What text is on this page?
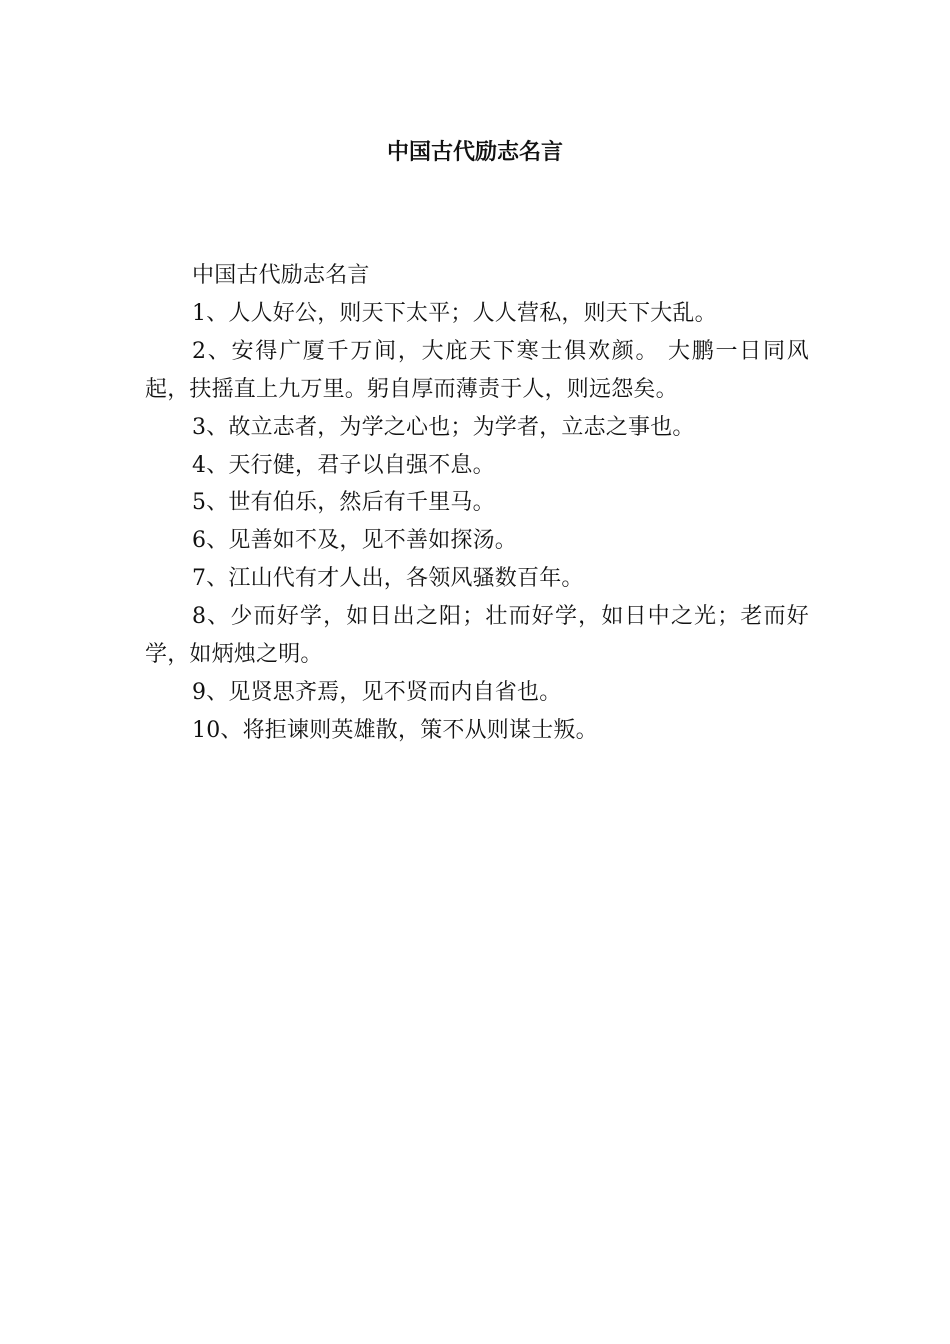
中国古代励志名言

中国古代励志名言

1、人人好公，则天下太平；人人营私，则天下大乱。

2、安得广厦千万间，大庇天下寒士俱欢颜。 大鹏一日同风起，扶摇直上九万里。躬自厚而薄责于人，则远怨矣。

3、故立志者，为学之心也；为学者，立志之事也。

4、天行健，君子以自强不息。

5、世有伯乐，然后有千里马。

6、见善如不及，见不善如探汤。

7、江山代有才人出，各领风骚数百年。

8、少而好学，如日出之阳；壮而好学，如日中之光；老而好学，如炳烛之明。

9、见贤思齐焉，见不贤而内自省也。

10、将拒谏则英雄散，策不从则谋士叛。
